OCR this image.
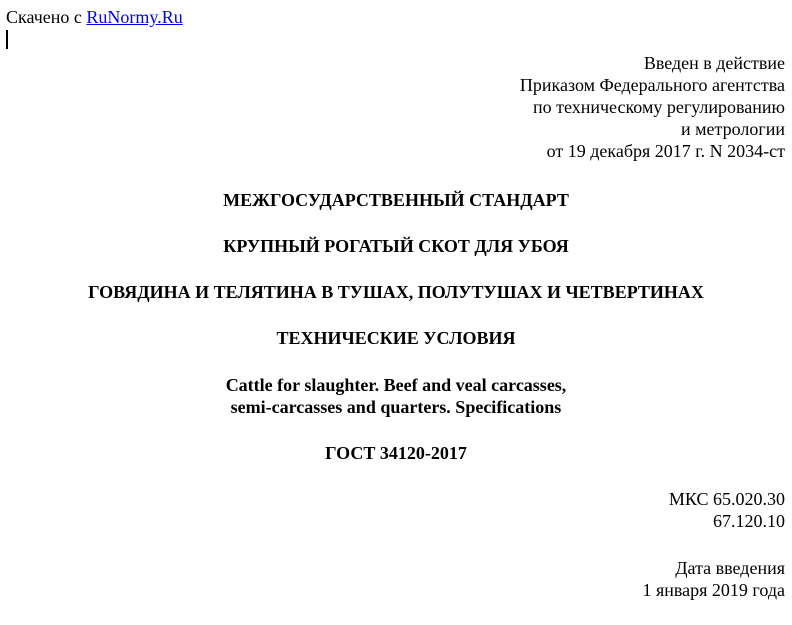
Скачено с RuNormy.Ru
Введен в действие
Приказом Федерального агентства
по техническому регулированию
и метрологии
от 19 декабря 2017 г. N 2034-ст
МЕЖГОСУДАРСТВЕННЫЙ СТАНДАРТ
КРУПНЫЙ РОГАТЫЙ СКОТ ДЛЯ УБОЯ
ГОВЯДИНА И ТЕЛЯТИНА В ТУШАХ, ПОЛУТУШАХ И ЧЕТВЕРТИНАХ
ТЕХНИЧЕСКИЕ УСЛОВИЯ
Cattle for slaughter. Beef and veal carcasses,
semi-carcasses and quarters. Specifications
ГОСТ 34120-2017
МКС 65.020.30
67.120.10
Дата введения
1 января 2019 года
